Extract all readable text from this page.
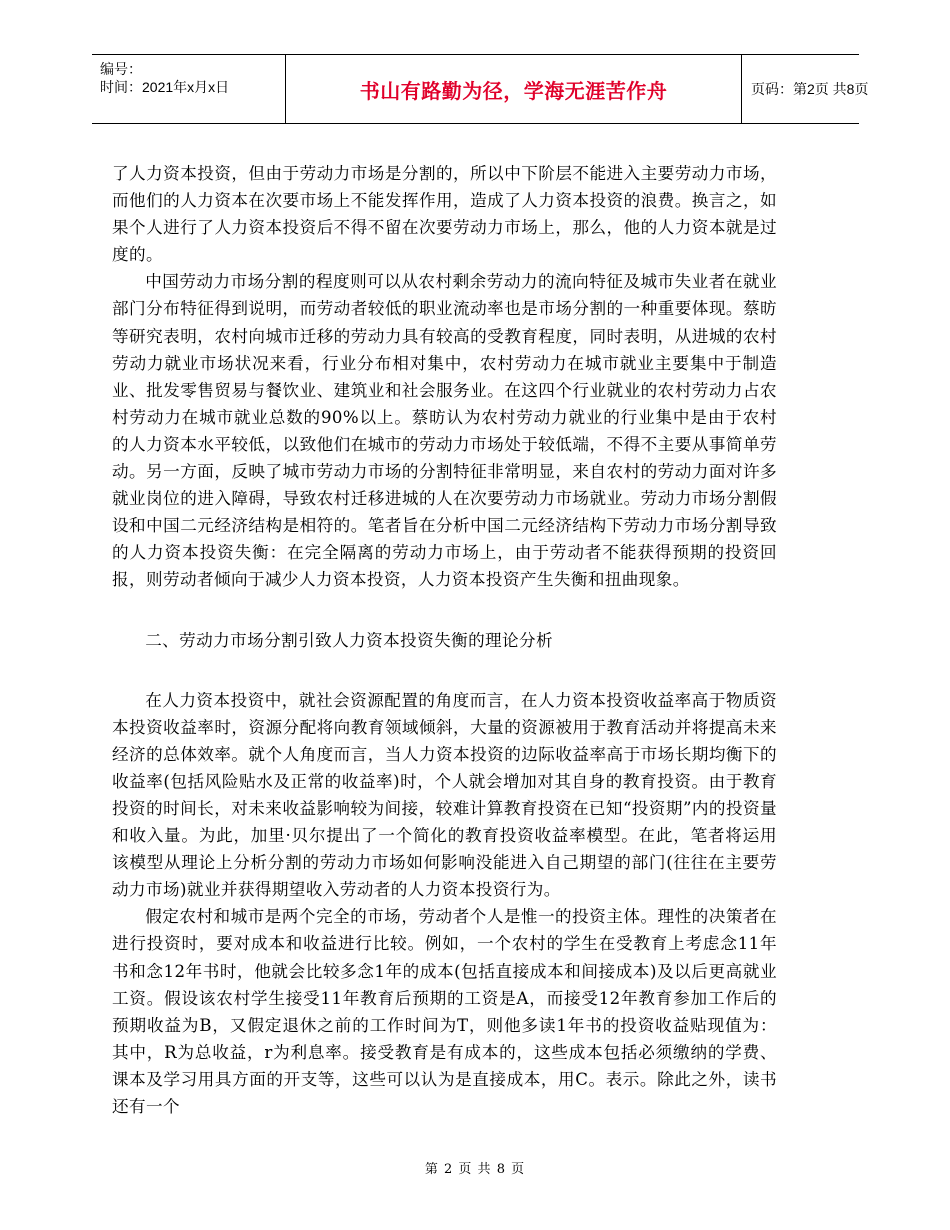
编号：
时间：2021年x月x日	书山有路勤为径，学海无涯苦作舟	页码：第2页 共8页

了人力资本投资，但由于劳动力市场是分割的，所以中下阶层不能进入主要劳动力市场，而他们的人力资本在次要市场上不能发挥作用，造成了人力资本投资的浪费。换言之，如果个人进行了人力资本投资后不得不留在次要劳动力市场上，那么，他的人力资本就是过度的。

中国劳动力市场分割的程度则可以从农村剩余劳动力的流向特征及城市失业者在就业部门分布特征得到说明，而劳动者较低的职业流动率也是市场分割的一种重要体现。蔡昉等研究表明，农村向城市迁移的劳动力具有较高的受教育程度，同时表明，从进城的农村劳动力就业市场状况来看，行业分布相对集中，农村劳动力在城市就业主要集中于制造业、批发零售贸易与餐饮业、建筑业和社会服务业。在这四个行业就业的农村劳动力占农村劳动力在城市就业总数的90%以上。蔡昉认为农村劳动力就业的行业集中是由于农村的人力资本水平较低，以致他们在城市的劳动力市场处于较低端，不得不主要从事简单劳动。另一方面，反映了城市劳动力市场的分割特征非常明显，来自农村的劳动力面对许多就业岗位的进入障碍，导致农村迁移进城的人在次要劳动力市场就业。劳动力市场分割假设和中国二元经济结构是相符的。笔者旨在分析中国二元经济结构下劳动力市场分割导致的人力资本投资失衡：在完全隔离的劳动力市场上，由于劳动者不能获得预期的投资回报，则劳动者倾向于减少人力资本投资，人力资本投资产生失衡和扭曲现象。

二、劳动力市场分割引致人力资本投资失衡的理论分析

在人力资本投资中，就社会资源配置的角度而言，在人力资本投资收益率高于物质资本投资收益率时，资源分配将向教育领域倾斜，大量的资源被用于教育活动并将提高未来经济的总体效率。就个人角度而言，当人力资本投资的边际收益率高于市场长期均衡下的收益率(包括风险贴水及正常的收益率)时，个人就会增加对其自身的教育投资。由于教育投资的时间长，对未来收益影响较为间接，较难计算教育投资在已知“投资期”内的投资量和收入量。为此，加里·贝尔提出了一个简化的教育投资收益率模型。在此，笔者将运用该模型从理论上分析分割的劳动力市场如何影响没能进入自己期望的部门(往往在主要劳动力市场)就业并获得期望收入劳动者的人力资本投资行为。

假定农村和城市是两个完全的市场，劳动者个人是惟一的投资主体。理性的决策者在进行投资时，要对成本和收益进行比较。例如，一个农村的学生在受教育上考虑念11年书和念12年书时，他就会比较多念1年的成本(包括直接成本和间接成本)及以后更高就业工资。假设该农村学生接受11年教育后预期的工资是A，而接受12年教育参加工作后的预期收益为B，又假定退休之前的工作时间为T，则他多读1年书的投资收益贴现值为： 其中，R为总收益，r为利息率。接受教育是有成本的，这些成本包括必须缴纳的学费、课本及学习用具方面的开支等，这些可以认为是直接成本，用C。表示。除此之外，读书还有一个

第 2 页 共 8 页
